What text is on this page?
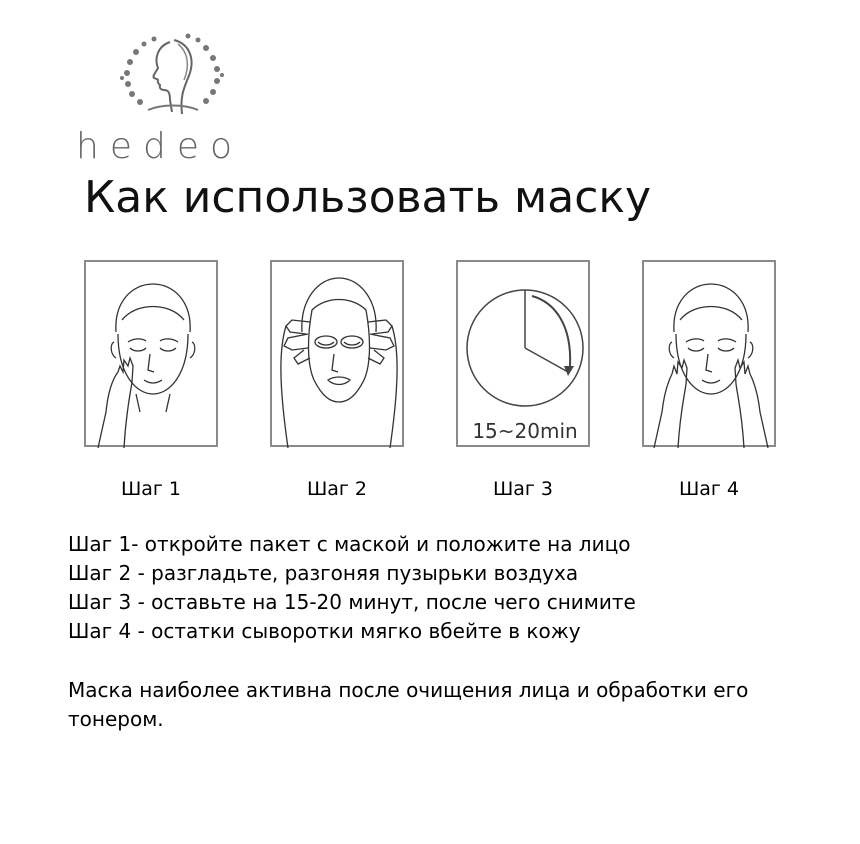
hedeo
Как использовать маску
Шаг 1	Шаг 2
15~20min
Шаг 3	Шаг 4
Шаг 1- откройте пакет с маской и положите на лицо
Шаг 2 - разгладьте, разгоняя пузырьки воздуха
Шаг 3 - оставьте на 15-20 минут, после чего снимите
Шаг 4 - остатки сыворотки мягко вбейте в кожу
Маска наиболее активна после очищения лица и обработки его тонером.
